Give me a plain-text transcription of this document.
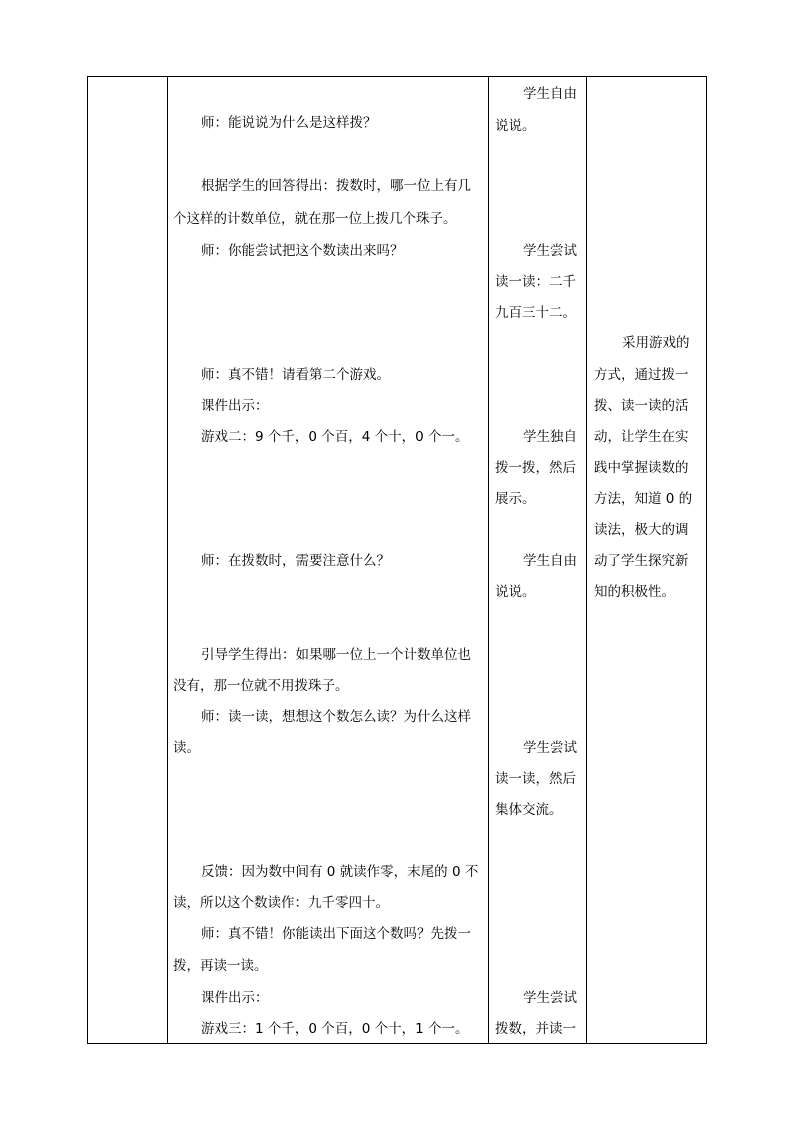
师：能说说为什么是这样拨？
根据学生的回答得出：拨数时，哪一位上有几
个这样的计数单位，就在那一位上拨几个珠子。
师：你能尝试把这个数读出来吗？
师：真不错！请看第二个游戏。
课件出示：
游戏二：9 个千，0 个百，4 个十，0 个一。
师：在拨数时，需要注意什么？
引导学生得出：如果哪一位上一个计数单位也
没有，那一位就不用拨珠子。
师：读一读，想想这个数怎么读？为什么这样
读。
反馈：因为数中间有 0 就读作零，末尾的 0 不
读，所以这个数读作：九千零四十。
师：真不错！你能读出下面这个数吗？先拨一
拨，再读一读。
课件出示：
游戏三：1 个千，0 个百，0 个十，1 个一。
学生自由
说说。
学生尝试
读一读：二千
九百三十二。
学生独自
拨一拨，然后
展示。
学生自由
说说。
学生尝试
读一读，然后
集体交流。
学生尝试
拨数，并读一
采用游戏的
方式，通过拨一
拨、读一读的活
动，让学生在实
践中掌握读数的
方法，知道 0 的
读法，极大的调
动了学生探究新
知的积极性。
